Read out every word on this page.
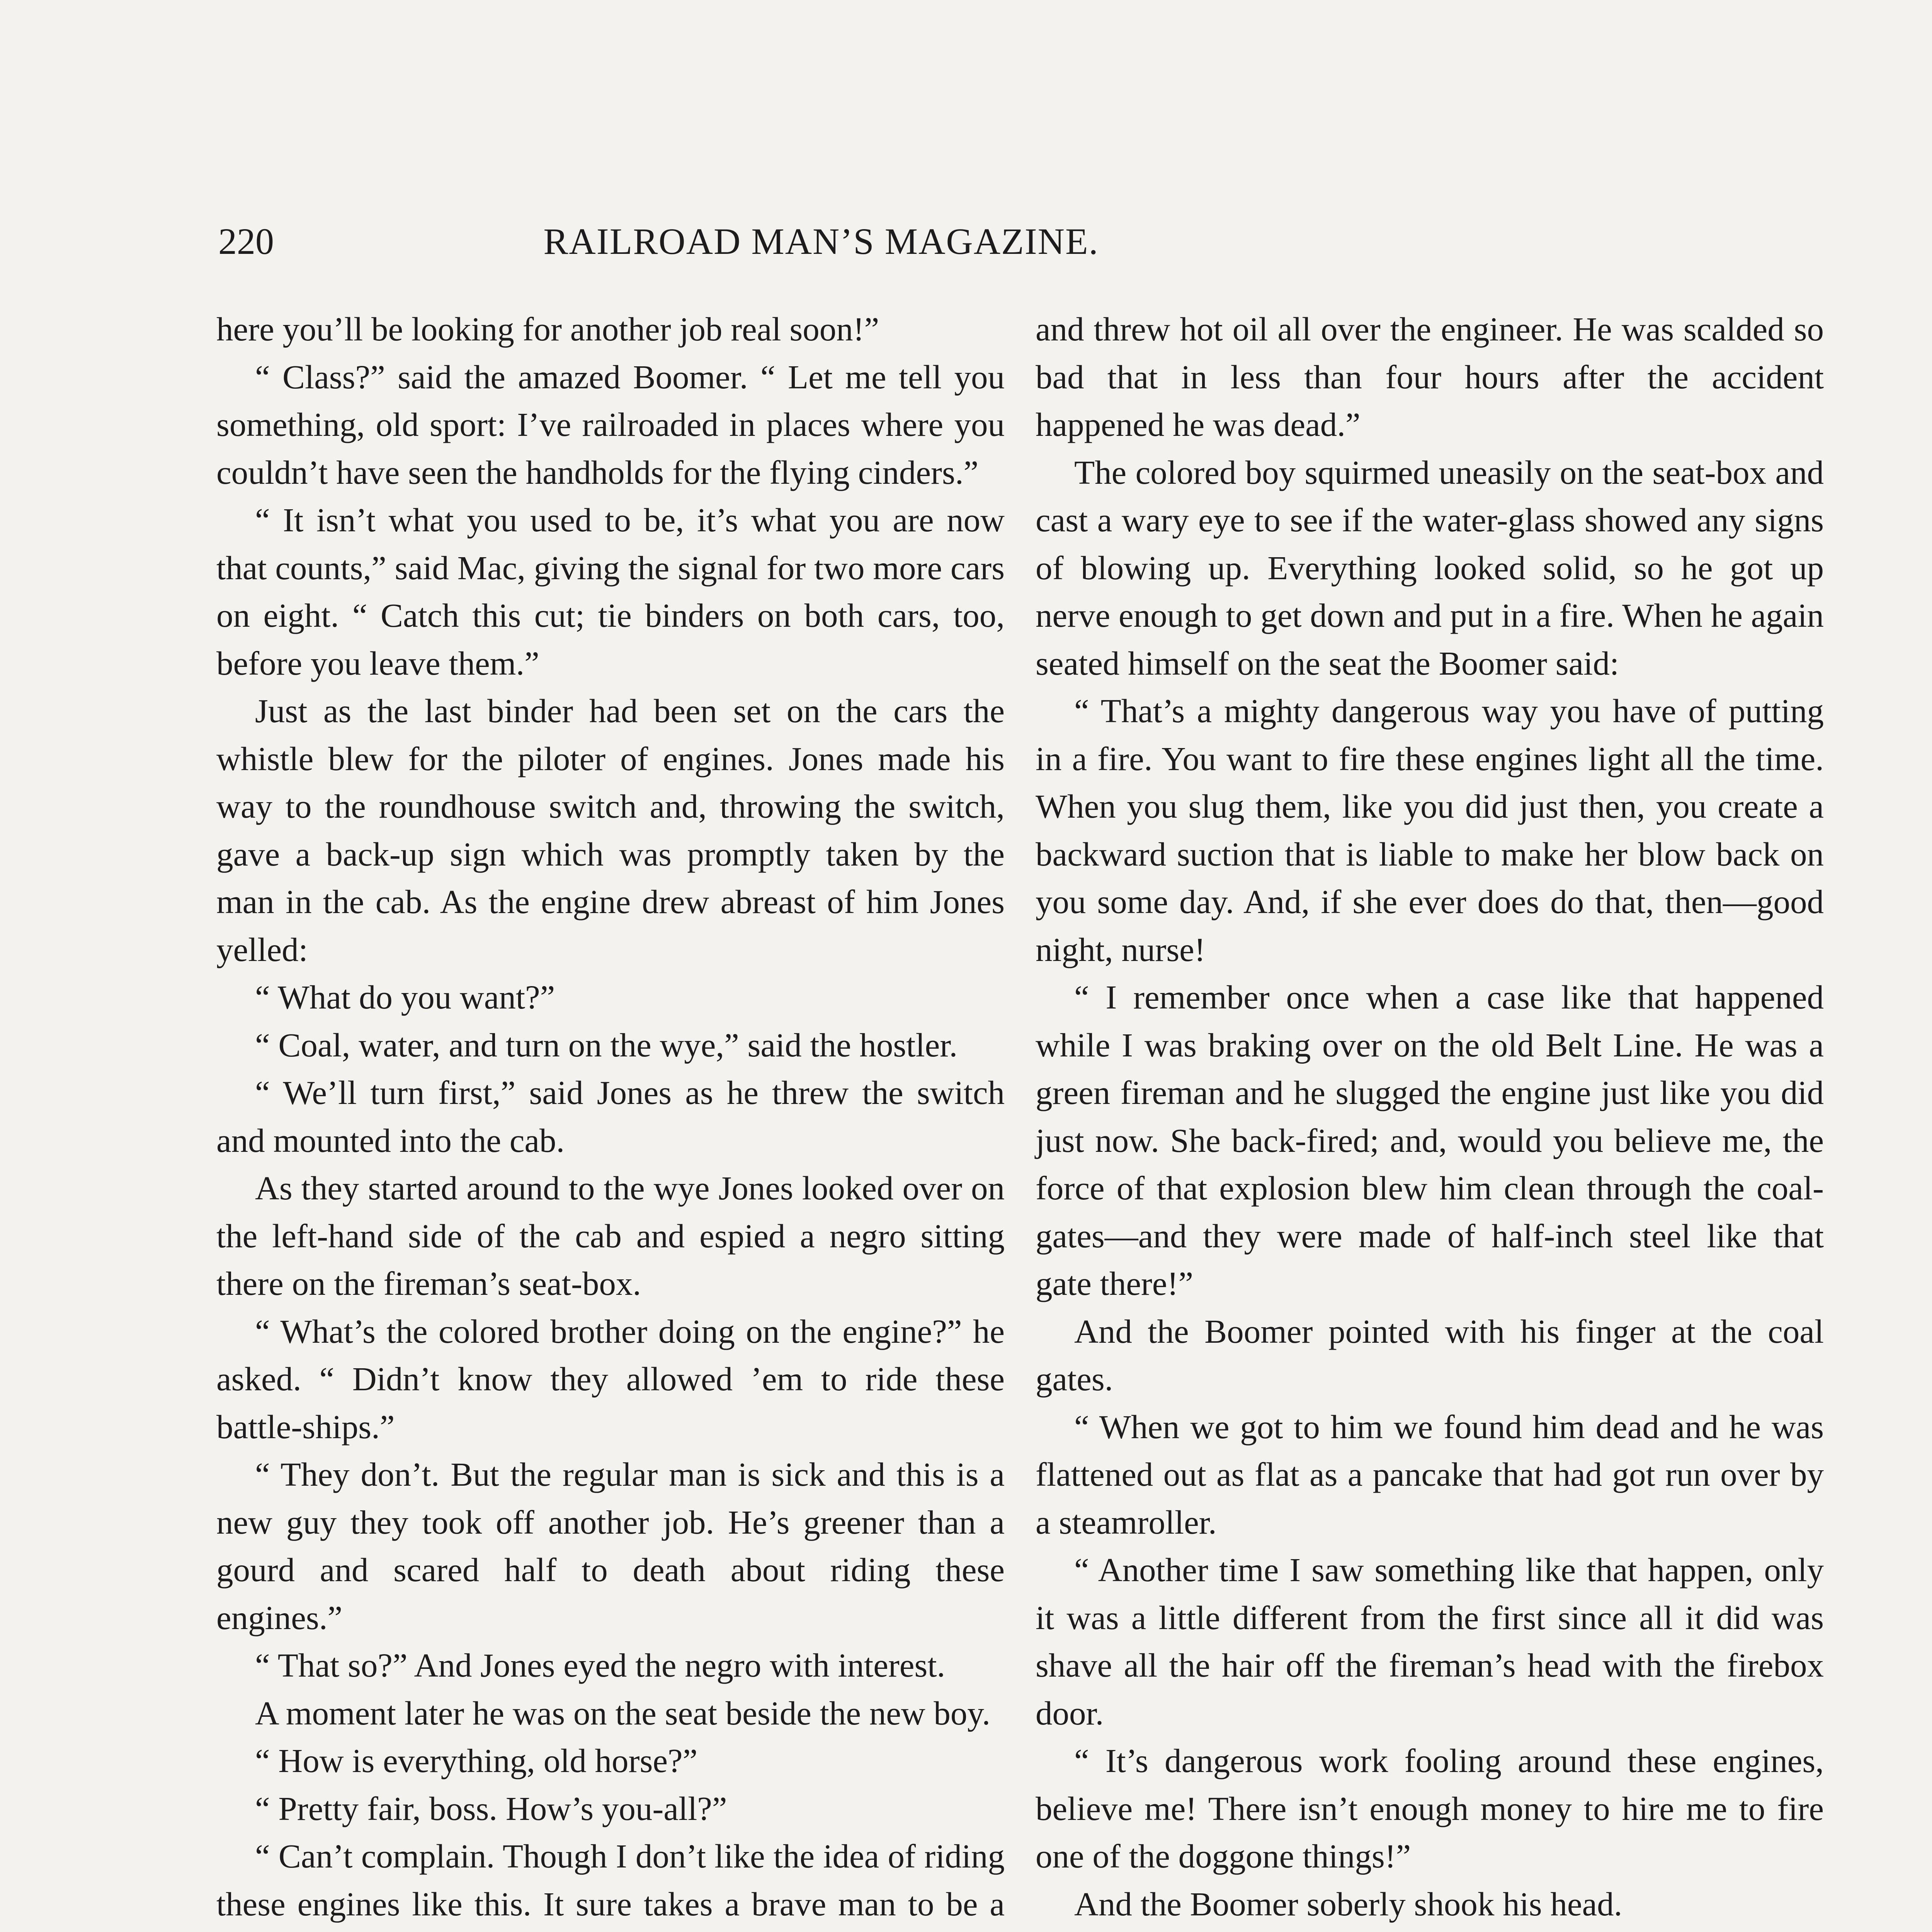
220	RAILROAD MAN’S MAGAZINE.

here you’ll be looking for another job real soon!”

“ Class?” said the amazed Boomer. “ Let me tell you something, old sport: I’ve railroaded in places where you couldn’t have seen the handholds for the flying cinders.”

“ It isn’t what you used to be, it’s what you are now that counts,” said Mac, giving the signal for two more cars on eight. “ Catch this cut; tie binders on both cars, too, before you leave them.”

Just as the last binder had been set on the cars the whistle blew for the piloter of engines. Jones made his way to the roundhouse switch and, throwing the switch, gave a back-up sign which was promptly taken by the man in the cab. As the engine drew abreast of him Jones yelled:

“ What do you want?”

“ Coal, water, and turn on the wye,” said the hostler.

“ We’ll turn first,” said Jones as he threw the switch and mounted into the cab.

As they started around to the wye Jones looked over on the left-hand side of the cab and espied a negro sitting there on the fireman’s seat-box.

“ What’s the colored brother doing on the engine?” he asked. “ Didn’t know they allowed ’em to ride these battle-ships.”

“ They don’t. But the regular man is sick and this is a new guy they took off another job. He’s greener than a gourd and scared half to death about riding these engines.”

“ That so?” And Jones eyed the negro with interest.

A moment later he was on the seat beside the new boy.

“ How is everything, old horse?”

“ Pretty fair, boss. How’s you-all?”

“ Can’t complain. Though I don’t like the idea of riding these engines like this. It sure takes a brave man to be a

and threw hot oil all over the engineer. He was scalded so bad that in less than four hours after the accident happened he was dead.”

The colored boy squirmed uneasily on the seat-box and cast a wary eye to see if the water-glass showed any signs of blowing up. Everything looked solid, so he got up nerve enough to get down and put in a fire. When he again seated himself on the seat the Boomer said:

“ That’s a mighty dangerous way you have of putting in a fire. You want to fire these engines light all the time. When you slug them, like you did just then, you create a backward suction that is liable to make her blow back on you some day. And, if she ever does do that, then—good night, nurse!

“ I remember once when a case like that happened while I was braking over on the old Belt Line. He was a green fireman and he slugged the engine just like you did just now. She back-fired; and, would you believe me, the force of that explosion blew him clean through the coal-gates—and they were made of half-inch steel like that gate there!”

And the Boomer pointed with his finger at the coal gates.

“ When we got to him we found him dead and he was flattened out as flat as a pancake that had got run over by a steamroller.

“ Another time I saw something like that happen, only it was a little different from the first since all it did was shave all the hair off the fireman’s head with the firebox door.

“ It’s dangerous work fooling around these engines, believe me! There isn’t enough money to hire me to fire one of the doggone things!”

And the Boomer soberly shook his head.
